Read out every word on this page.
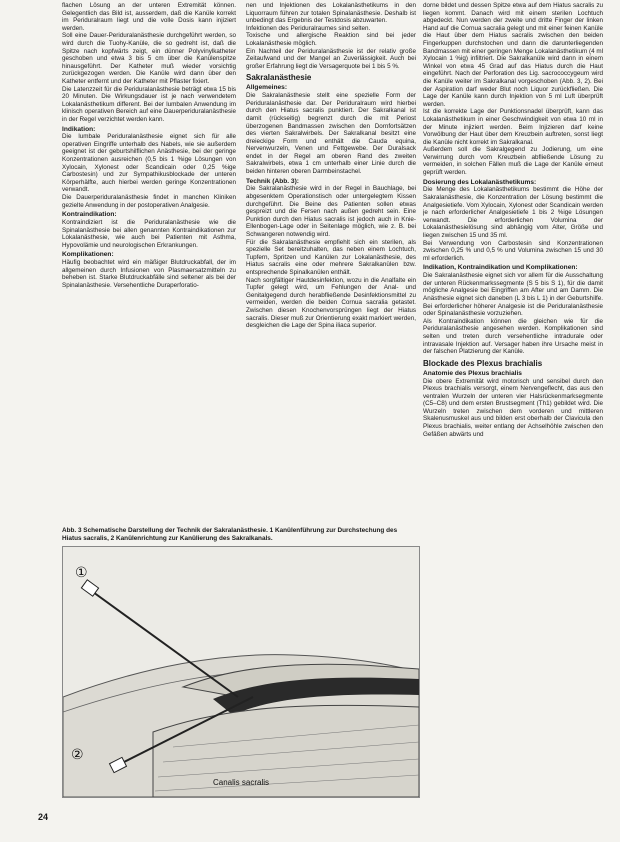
flachen Lösung an der unteren Extremität können. Gelegentlich das Bild ist, ausserdem, daß die Kanüle korrekt im Periduralraum liegt und die volle Dosis kann injiziert werden.

Soll eine Dauer-Periduralanästhesie durchgeführt werden, so wird durch die Tuohy-Kanüle, die so gedreht ist, daß die Spitze nach kopfwärts zeigt, ein dünner Polyvinylkatheter geschoben und etwa 3 bis 5 cm über die Kanülenspitze hinausgeführt. Der Katheter muß wieder vorsichtig zurückgezogen werden. Die Kanüle wird dann über den Katheter entfernt und der Katheter mit Pflaster fixiert.

Die Latenzzeit für die Periduralanästhesie beträgt etwa 15 bis 20 Minuten. Die Wirkungsdauer ist je nach verwendetem Lokalanästhetikum different. Bei der lumbalen Anwendung im klinisch operativen Bereich auf eine Dauerperiduralanästhesie in der Regel verzichtet werden kann.

Indikation:

Die lumbale Periduralanästhesie eignet sich für alle operativen Eingriffe unterhalb des Nabels, wie sie außerdem geeignet ist der geburtshilflichen Anästhesie, bei der geringe Konzentrationen ausreichen (0,5 bis 1 %ige Lösungen von Xylocain, Xylonest oder Scandicain oder 0,25 %ige Carbostesin) und zur Sympathikusblockade der unteren Körperhälfte, auch hierbei werden geringe Konzentrationen verwandt.

Die Dauerperiduralanästhesie findet in manchen Kliniken gezielte Anwendung in der postoperativen Analgesie.

Kontraindikation:

Kontraindiziert ist die Periduralanästhesie wie die Spinalanästhesie bei allen genannten Kontraindikationen zur Lokalanästhesie, wie auch bei Patienten mit Asthma, Hypovolämie und neurologischen Erkrankungen.

Komplikationen:

Häufig beobachtet wird ein mäßiger Blutdruckabfall, der im allgemeinen durch Infusionen von Plasmaersatzmitteln zu beheben ist. Starke Blutdruckabfälle sind seltener als bei der Spinalanästhesie. Versehentliche Duraperforatio-

nen und Injektionen des Lokalanästhetikums in den Liquorraum führen zur totalen Spinalanästhesie. Deshalb ist unbedingt das Ergebnis der Testdosis abzuwarten.

Infektionen des Periduralraumes sind selten.

Toxische und allergische Reaktion sind bei jeder Lokalanästhesie möglich.

Ein Nachteil der Periduralanästhesie ist der relativ große Zeitaufwand und der Mangel an Zuverlässigkeit. Auch bei großer Erfahrung liegt die Versagerquote bei 1 bis 5 %.

Sakralanästhesie
Allgemeines:

Die Sakralanästhesie stellt eine spezielle Form der Periduralanästhesie dar. Der Periduralraum wird hierbei durch den Hiatus sacralis punktiert. Der Sakralkanal ist damit (rückseitig) begrenzt durch die mit Periost überzogenen Bandmassen zwischen den Dornfortsätzen des vierten Sakralwirbels. Der Sakralkanal besitzt eine dreieckige Form und enthält die Cauda equina, Nervenwurzeln, Venen und Fettgewebe. Der Duralsack endet in der Regel am oberen Rand des zweiten Sakralwirbels, etwa 1 cm unterhalb einer Linie durch die beiden hinteren oberen Darmbeinstachel.

Technik (Abb. 3):

Die Sakralanästhesie wird in der Regel in Bauchlage, bei abgesenktem Operationstisch oder untergelegtem Kissen durchgeführt. Die Beine des Patienten sollen etwas gespreizt und die Fersen nach außen gedreht sein. Eine Punktion durch den Hiatus sacralis ist jedoch auch in Knie-Ellenbogen-Lage oder in Seitenlage möglich, wie z. B. bei Schwangeren notwendig wird.

Für die Sakralanästhesie empfiehlt sich ein sterilen, als spezielle Set bereitzuhalten, das neben einem Lochtuch, Tupfern, Spritzen und Kanülen zur Lokalanästhesie, des Hiatus sacralis eine oder mehrere Sakralkanülen bzw. entsprechende Spinalkanülen enthält.

Nach sorgfältiger Hautdesinfektion, wozu in die Analfalte ein Tupfer gelegt wird, um Fehlungen der Anal- und Genitalgegend durch herabfließende Desinfektionsmittel zu vermeiden, werden die beiden Cornua sacralia getastet. Zwischen diesen Knochenvorsprüngen liegt der Hiatus sacralis. Dieser muß zur Orientierung exakt markiert werden, desgleichen die Lage der Spina iliaca superior.

dorne bildet und dessen Spitze etwa auf dem Hiatus sacralis zu liegen kommt. Danach wird mit einem sterilen Lochtuch abgedeckt. Nun werden der zweite und dritte Finger der linken Hand auf die Cornua sacralia gelegt und mit einer feinen Kanüle die Haut über dem Hiatus sacralis zwischen den beiden Fingerkuppen durchstochen und dann die darunterliegenden Bandmassen mit einer geringen Menge Lokalanästhetikum (4 ml Xylocain 1 %ig) infiltriert. Die Sakralkanüle wird dann in einem Winkel von etwa 45 Grad auf das Hiatus durch die Haut eingeführt. Nach der Perforation des Lig. sacrococcygeum wird die Kanüle weiter im Sakralkanal vorgeschoben (Abb. 3, 2). Bei der Aspiration darf weder Blut noch Liquor zurückfließen. Die Lage der Kanüle kann durch Injektion von 5 ml Luft überprüft werden.

Ist die korrekte Lage der Punktionsnadel überprüft, kann das Lokalanästhetikum in einer Geschwindigkeit von etwa 10 ml in der Minute injiziert werden. Beim Injizieren darf keine Vorwölbung der Haut über dem Kreuzbein auftreten, sonst liegt die Kanüle nicht korrekt im Sakralkanal.

Außerdem soll die Sakralgegend zu Jodierung, um eine Verwirrung durch vom Kreuzbein abfließende Lösung zu vermeiden, in solchen Fällen muß die Lage der Kanüle erneut geprüft werden.

Dosierung des Lokalanästhetikums:

Die Menge des Lokalanästhetikums bestimmt die Höhe der Sakralanästhesie, die Konzentration der Lösung bestimmt die Analgesietiefe. Vom Xylocain, Xylonest oder Scandicain werden je nach erforderlicher Analgesietiefe 1 bis 2 %ige Lösungen verwandt. Die erforderlichen Volumina der Lokalanästhesielösung sind abhängig vom Alter, Größe und liegen zwischen 15 und 35 ml.

Bei Verwendung von Carbostesin sind Konzentrationen zwischen 0,25 % und 0,5 % und Volumina zwischen 15 und 30 ml erforderlich.

Indikation, Kontraindikation und Komplikationen:

Die Sakralanästhesie eignet sich vor allem für die Ausschaltung der unteren Rückenmarkssegmente (S 5 bis S 1), für die damit mögliche Analgesie bei Eingriffen am After und am Damm. Die Anästhesie eignet sich daneben (L 3 bis L 1) in der Geburtshilfe. Bei erforderlicher höherer Analgesie ist die Periduralanästhesie oder Spinalanästhesie vorzuziehen.

Als Kontraindikation können die gleichen wie für die Periduralanästhesie angesehen werden. Komplikationen sind selten und treten durch versehentliche intradurale oder intravasale Injektion auf. Versager haben ihre Ursache meist in der falschen Platzierung der Kanüle.

Blockade des Plexus brachialis
Anatomie des Plexus brachialis

Die obere Extremität wird motorisch und sensibel durch den Plexus brachialis versorgt, einem Nervengeflecht, das aus den ventralen Wurzeln der unteren vier Halsrückenmarksegmente (C5–C8) und dem ersten Brustsegment (Th1) gebildet wird. Die Wurzeln treten zwischen dem vorderen und mittleren Skalenusmuskel aus und bilden erst oberhalb der Clavicula den Plexus brachialis, weiter entlang der Achselhöhle zwischen den Gefäßen abwärts und

Abb. 3 Schematische Darstellung der Technik der Sakralanästhesie. 1 Kanülenführung zur Durchstechung des Hiatus sacralis, 2 Kanülenrichtung zur Kanülierung des Sakralkanals.
①
②
Canalis sacralis
24
